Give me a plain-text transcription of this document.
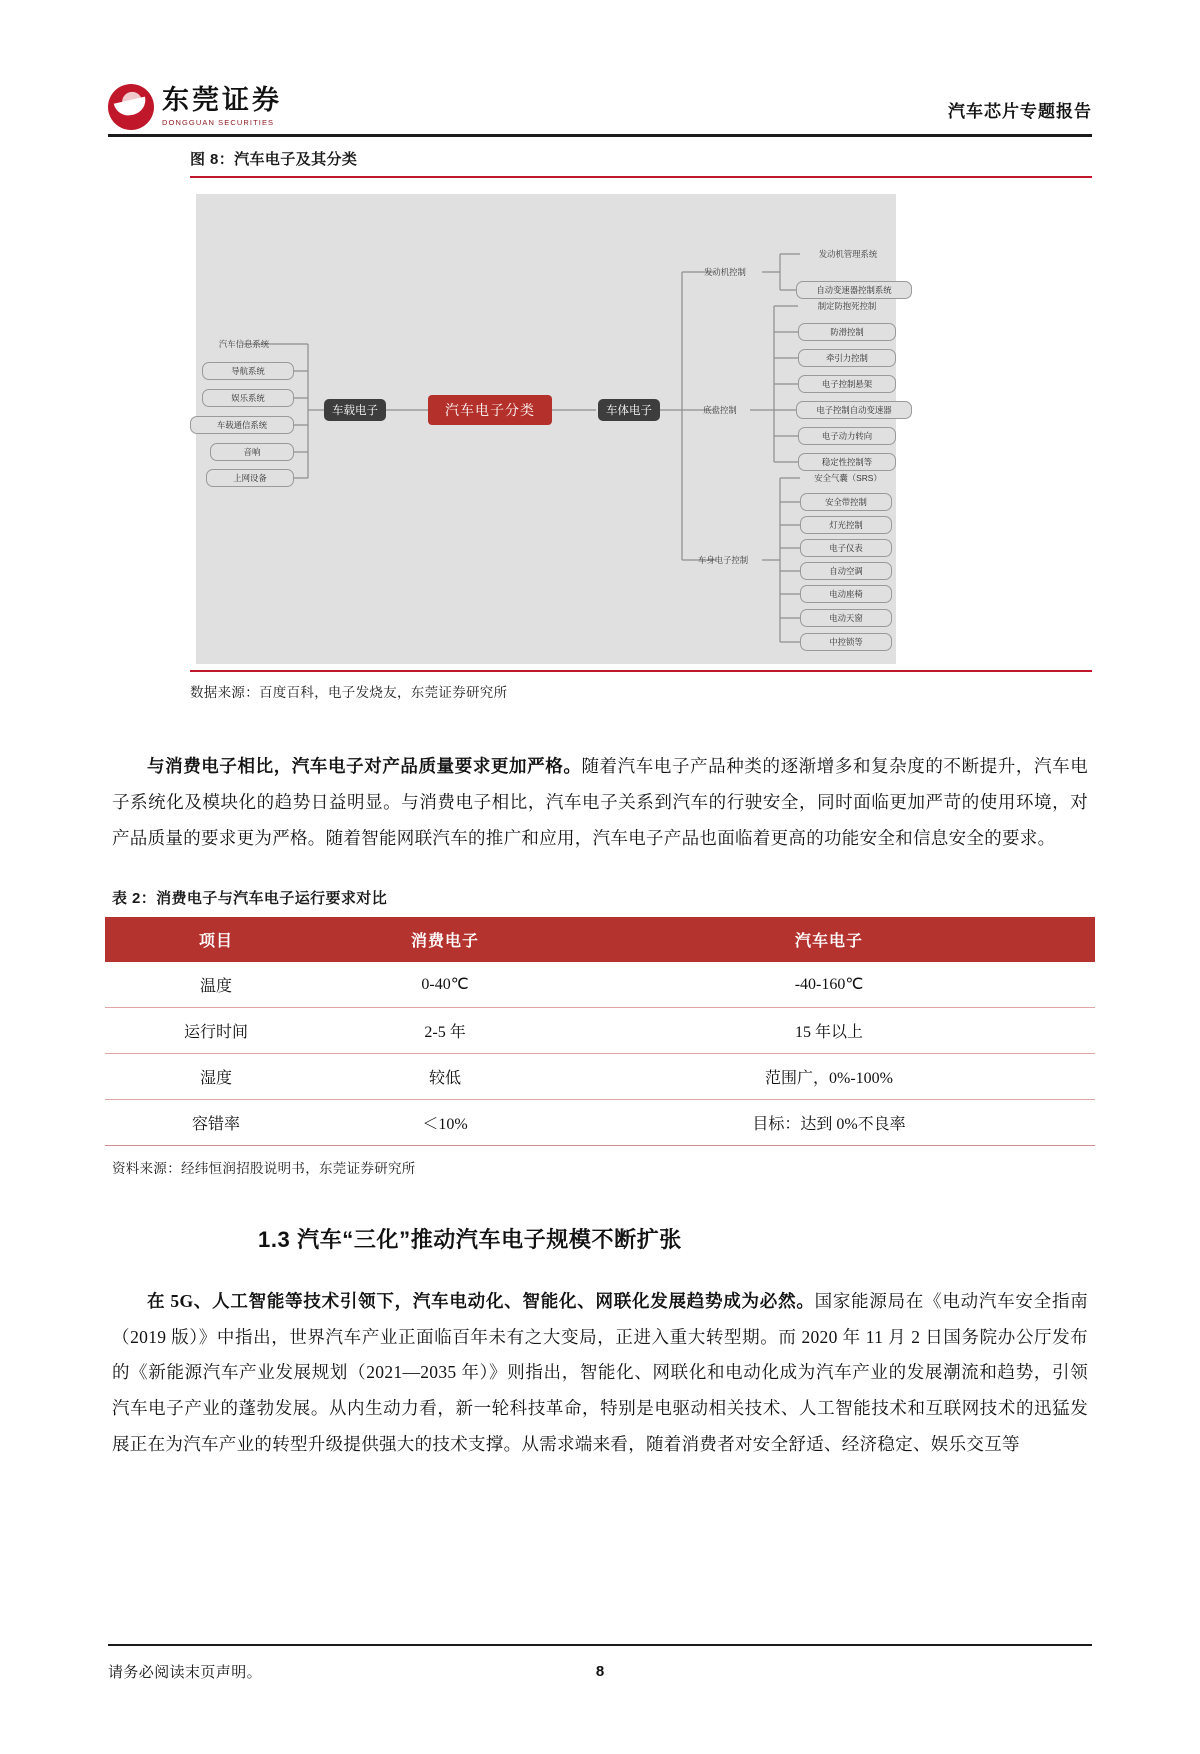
东莞证券
DONGGUAN SECURITIES
汽车芯片专题报告
图 8：汽车电子及其分类
汽车电子分类
车载电子
汽车信息系统
导航系统
娱乐系统
车载通信系统
音响
上网设备
车体电子
发动机控制
底盘控制
车身电子控制
发动机管理系统
自动变速器控制系统
制定防抱死控制
防滑控制
牵引力控制
电子控制悬架
电子控制自动变速器
电子动力转向
稳定性控制等
安全气囊（SRS）
安全带控制
灯光控制
电子仪表
自动空调
电动座椅
电动天窗
中控锁等
数据来源：百度百科，电子发烧友，东莞证券研究所

与消费电子相比，汽车电子对产品质量要求更加严格。随着汽车电子产品种类的逐渐增多和复杂度的不断提升，汽车电子系统化及模块化的趋势日益明显。与消费电子相比，汽车电子关系到汽车的行驶安全，同时面临更加严苛的使用环境，对产品质量的要求更为严格。随着智能网联汽车的推广和应用，汽车电子产品也面临着更高的功能安全和信息安全的要求。

表 2：消费电子与汽车电子运行要求对比
项目	消费电子	汽车电子
温度	0-40℃	-40-160℃
运行时间	2-5 年	15 年以上
湿度	较低	范围广，0%-100%
容错率	＜10%	目标：达到 0%不良率
资料来源：经纬恒润招股说明书，东莞证券研究所
1.3 汽车“三化”推动汽车电子规模不断扩张

在 5G、人工智能等技术引领下，汽车电动化、智能化、网联化发展趋势成为必然。国家能源局在《电动汽车安全指南（2019 版）》中指出，世界汽车产业正面临百年未有之大变局，正进入重大转型期。而 2020 年 11 月 2 日国务院办公厅发布的《新能源汽车产业发展规划（2021—2035 年）》则指出，智能化、网联化和电动化成为汽车产业的发展潮流和趋势，引领汽车电子产业的蓬勃发展。从内生动力看，新一轮科技革命，特别是电驱动相关技术、人工智能技术和互联网技术的迅猛发展正在为汽车产业的转型升级提供强大的技术支撑。从需求端来看，随着消费者对安全舒适、经济稳定、娱乐交互等

请务必阅读末页声明。	8
